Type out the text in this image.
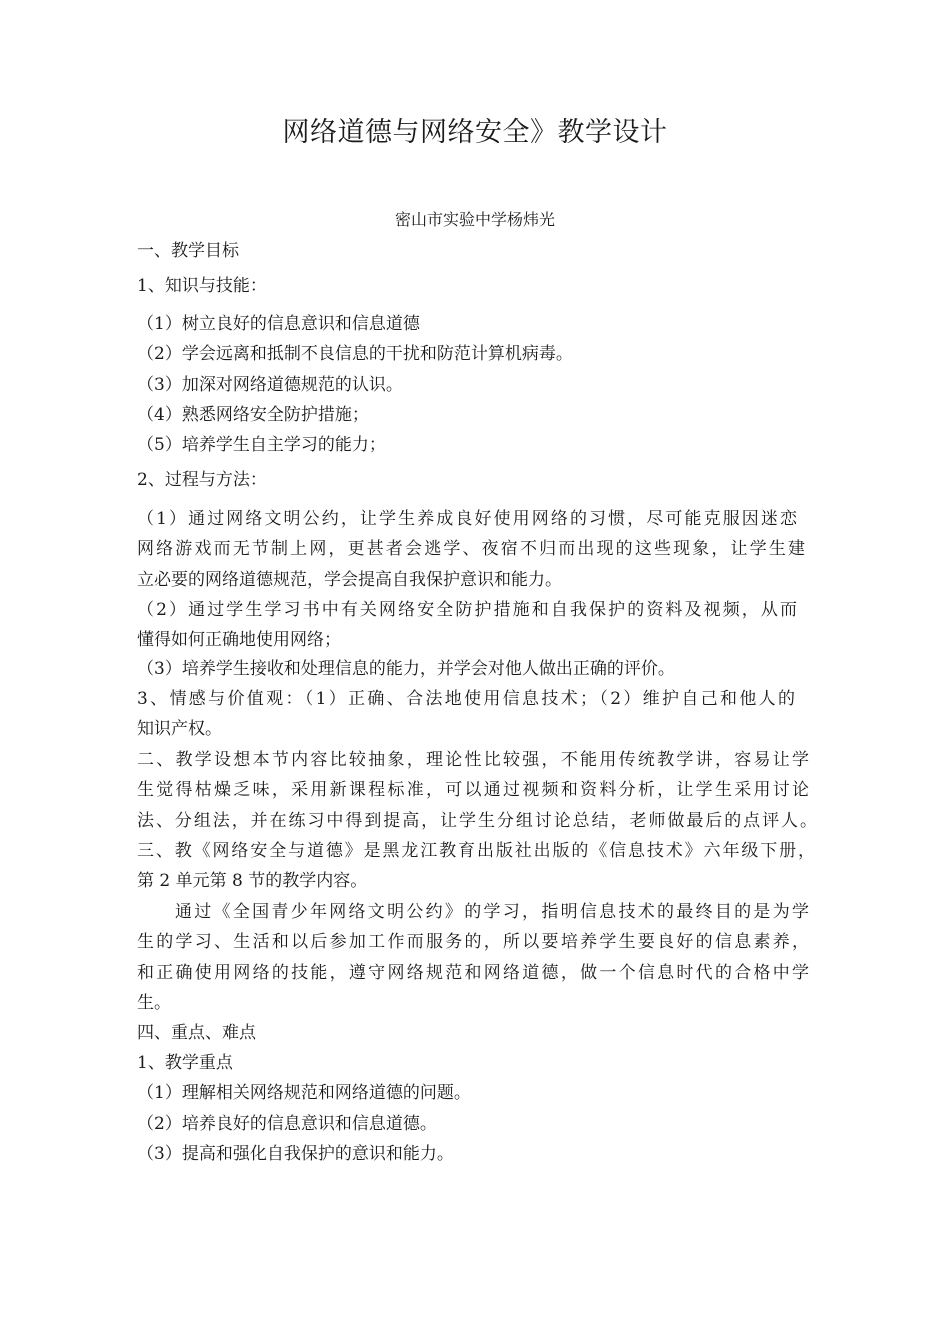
网络道德与网络安全》教学设计
密山市实验中学杨炜光
一、教学目标
1、知识与技能：
（1）树立良好的信息意识和信息道德
（2）学会远离和抵制不良信息的干扰和防范计算机病毒。
（3）加深对网络道德规范的认识。
（4）熟悉网络安全防护措施；
（5）培养学生自主学习的能力；
2、过程与方法：
（1）通过网络文明公约，让学生养成良好使用网络的习惯，尽可能克服因迷恋
网络游戏而无节制上网，更甚者会逃学、夜宿不归而出现的这些现象，让学生建
立必要的网络道德规范，学会提高自我保护意识和能力。
（2）通过学生学习书中有关网络安全防护措施和自我保护的资料及视频，从而
懂得如何正确地使用网络；
（3）培养学生接收和处理信息的能力，并学会对他人做出正确的评价。
3、情感与价值观：（1）正确、合法地使用信息技术；（2）维护自己和他人的
知识产权。
二、教学设想本节内容比较抽象，理论性比较强，不能用传统教学讲，容易让学
生觉得枯燥乏味，采用新课程标准，可以通过视频和资料分析，让学生采用讨论
法、分组法，并在练习中得到提高，让学生分组讨论总结，老师做最后的点评人。
三、教《网络安全与道德》是黑龙江教育出版社出版的《信息技术》六年级下册，
第 2 单元第 8 节的教学内容。
通过《全国青少年网络文明公约》的学习，指明信息技术的最终目的是为学
生的学习、生活和以后参加工作而服务的，所以要培养学生要良好的信息素养，
和正确使用网络的技能，遵守网络规范和网络道德，做一个信息时代的合格中学
生。
四、重点、难点
1、教学重点
（1）理解相关网络规范和网络道德的问题。
（2）培养良好的信息意识和信息道德。
（3）提高和强化自我保护的意识和能力。
